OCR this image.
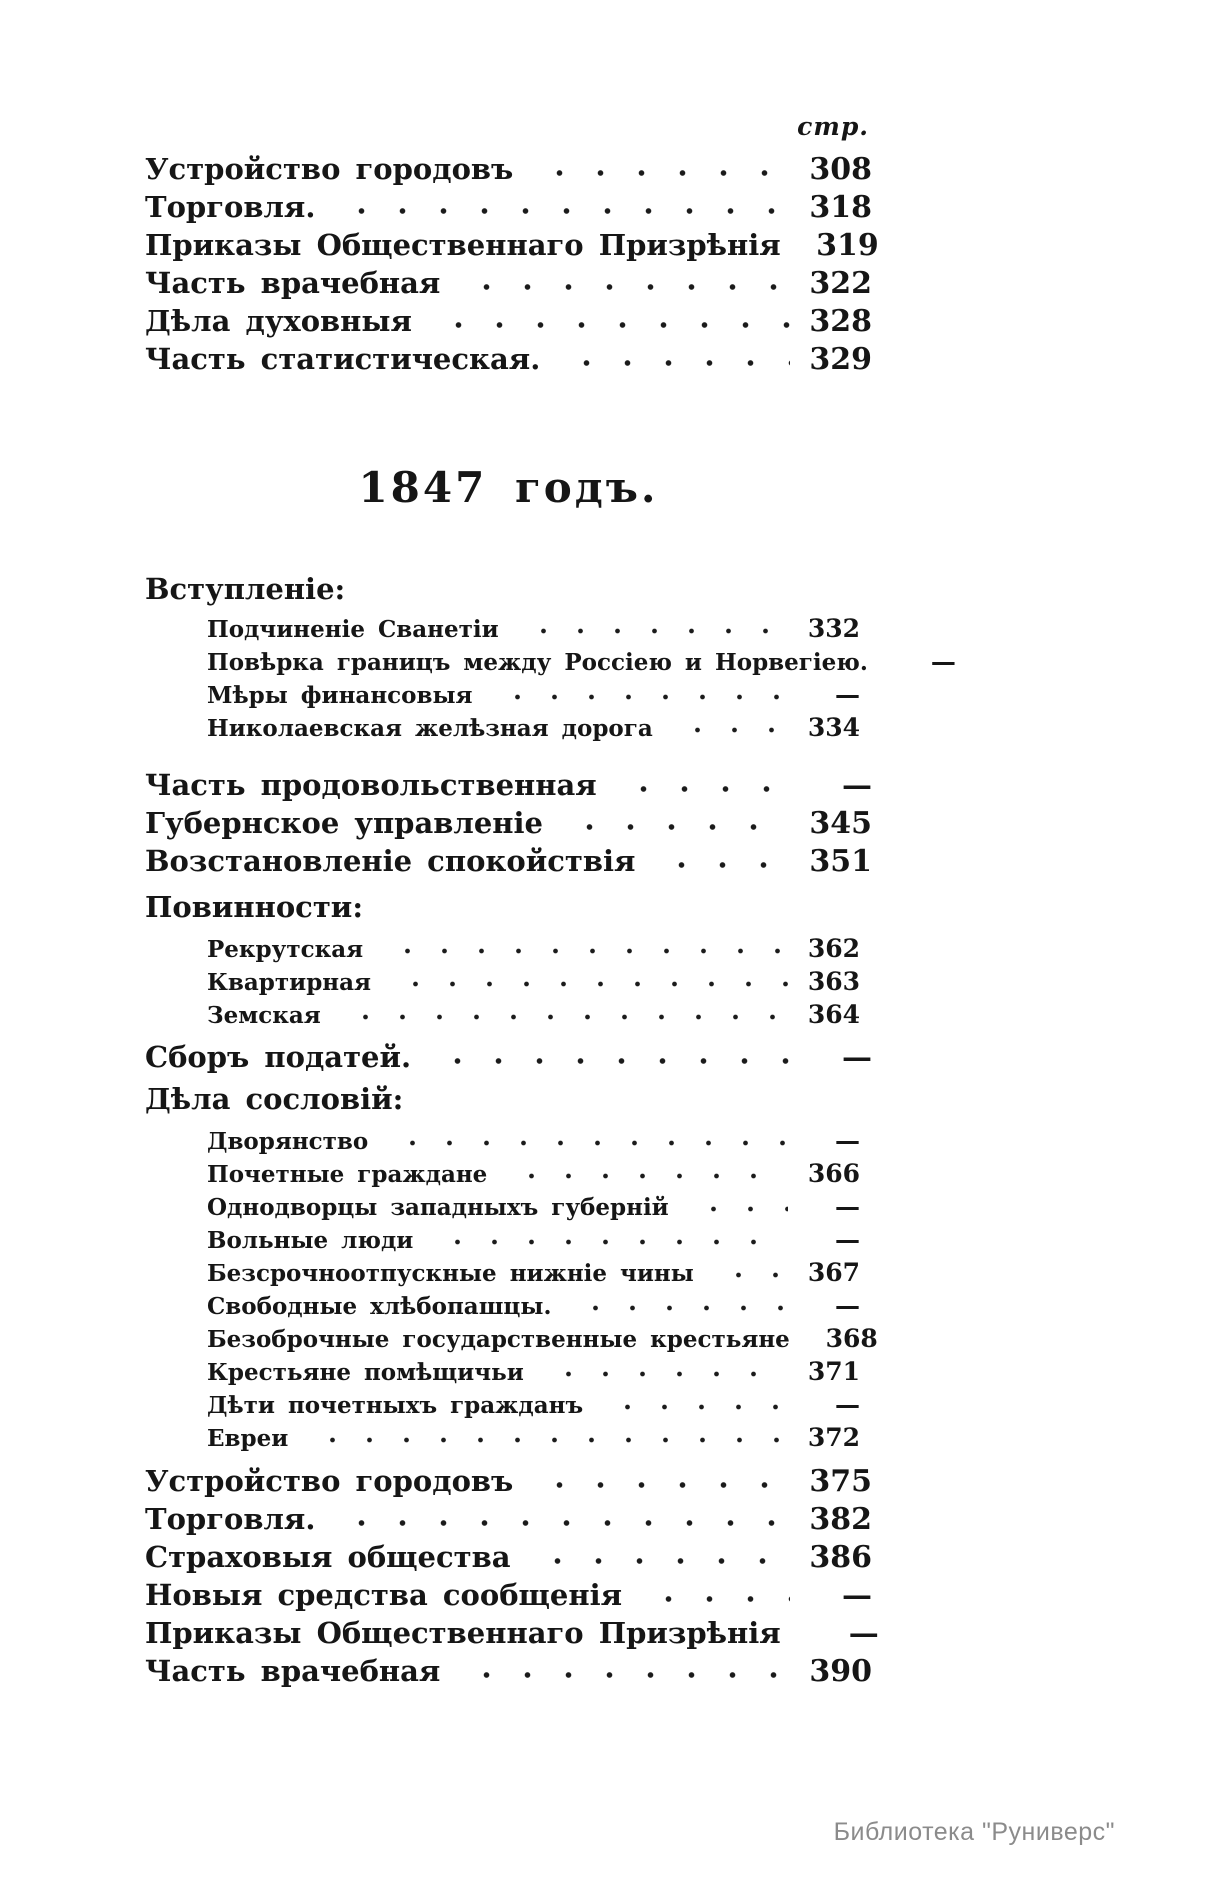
стр.
Устройство городовъ	308
Торговля.	318
Приказы Общественнаго Призрѣнія 319
Часть врачебная	322
Дѣла духовныя	328
Часть статистическая.	329
1847 годъ.
Вступленіе:
Подчиненіе Сванетіи	332
Повѣрка границъ между Россіею и Норвегіею.	—
Мѣры финансовыя	—
Николаевская желѣзная дорога	334
Часть продовольственная	—
Губернское управленіе	345
Возстановленіе спокойствія	351
Повинности:
Рекрутская	362
Квартирная	363
Земская	364
Сборъ податей.	—
Дѣла сословій:
Дворянство	—
Почетные граждане	366
Однодворцы западныхъ губерній	—
Вольные люди	—
Безсрочноотпускные нижніе чины	367
Свободные хлѣбопашцы.	—
Безоброчные государственные крестьяне 368
Крестьяне помѣщичьи	371
Дѣти почетныхъ гражданъ	—
Евреи	372
Устройство городовъ	375
Торговля.	382
Страховыя общества	386
Новыя средства сообщенія	—
Приказы Общественнаго Призрѣнія	—
Часть врачебная	390
Библиотека "Руниверс"
